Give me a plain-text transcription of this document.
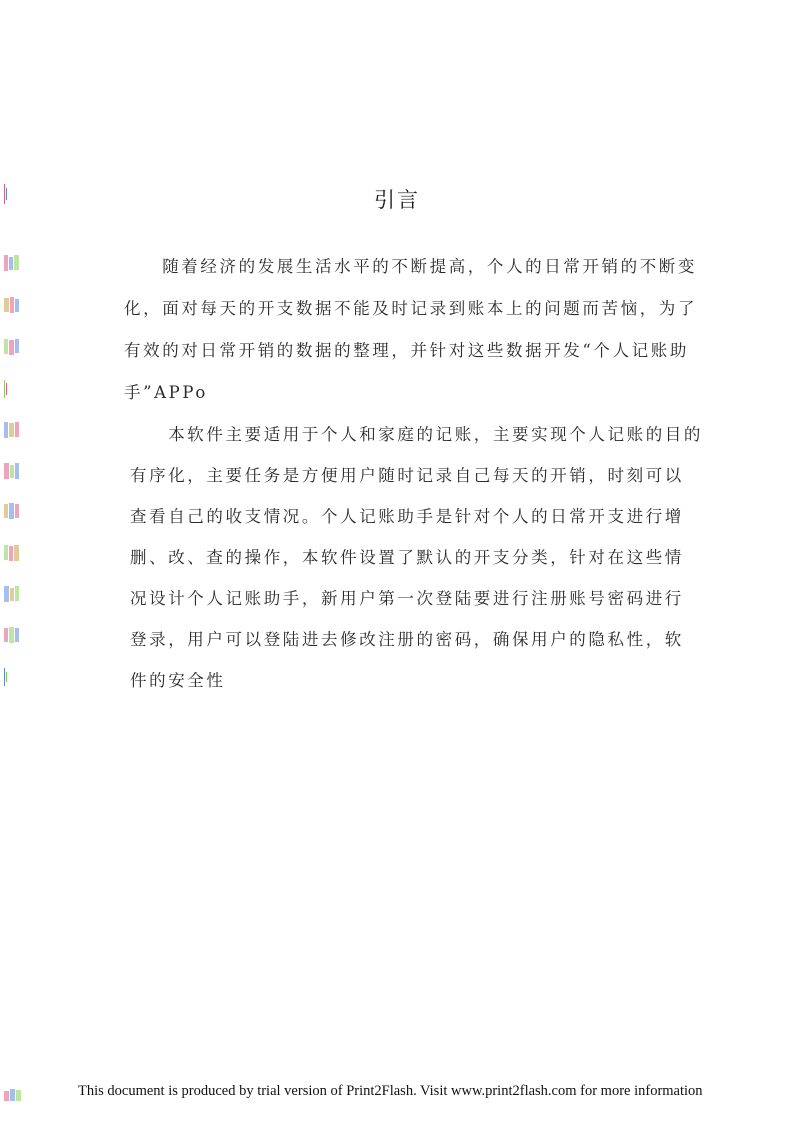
引言
　　随着经济的发展生活水平的不断提高，个人的日常开销的不断变
化，面对每天的开支数据不能及时记录到账本上的问题而苦恼，为了
有效的对日常开销的数据的整理，并针对这些数据开发“个人记账助
手”APPo
　　本软件主要适用于个人和家庭的记账，主要实现个人记账的目的
有序化，主要任务是方便用户随时记录自己每天的开销，时刻可以
查看自己的收支情况。个人记账助手是针对个人的日常开支进行增
删、改、查的操作，本软件设置了默认的开支分类，针对在这些情
况设计个人记账助手，新用户第一次登陆要进行注册账号密码进行
登录，用户可以登陆进去修改注册的密码，确保用户的隐私性，软
件的安全性
This document is produced by trial version of Print2Flash. Visit www.print2flash.com for more information
